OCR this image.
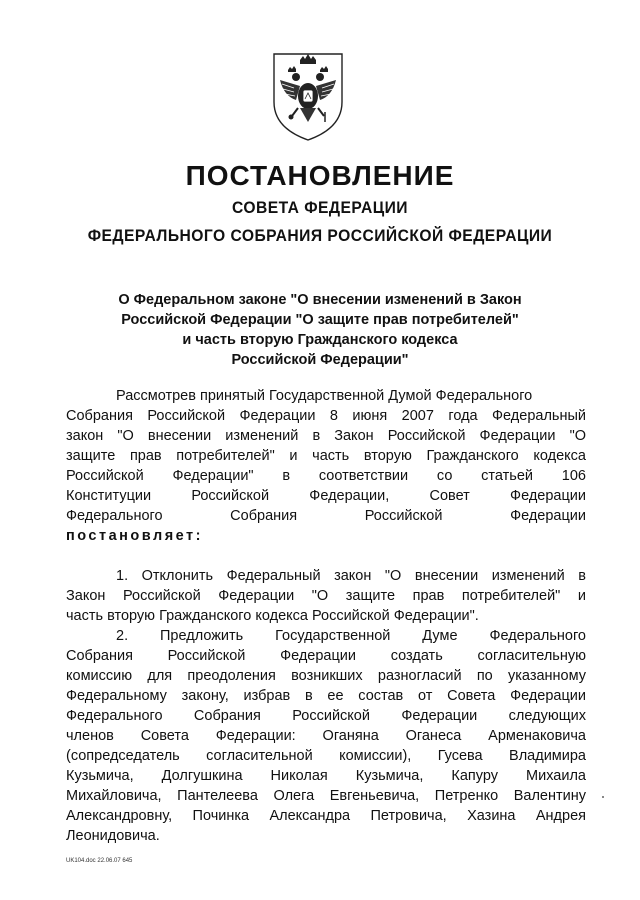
ПОСТАНОВЛЕНИЕ
СОВЕТА ФЕДЕРАЦИИ
ФЕДЕРАЛЬНОГО СОБРАНИЯ РОССИЙСКОЙ ФЕДЕРАЦИИ
О Федеральном законе "О внесении изменений в Закон
Российской Федерации "О защите прав потребителей"
и часть вторую Гражданского кодекса
Российской Федерации"
Рассмотрев принятый Государственной Думой Федерального
Собрания Российской Федерации 8 июня 2007 года Федеральный
закон "О внесении изменений в Закон Российской Федерации "О
защите прав потребителей" и часть вторую Гражданского кодекса
Российской Федерации" в соответствии со статьей 106
Конституции Российской Федерации, Совет Федерации
Федерального Собрания Российской Федерации
постановляет:
1. Отклонить Федеральный закон "О внесении изменений в
Закон Российской Федерации "О защите прав потребителей" и
часть вторую Гражданского кодекса Российской Федерации".
2. Предложить Государственной Думе Федерального
Собрания Российской Федерации создать согласительную
комиссию для преодоления возникших разногласий по указанному
Федеральному закону, избрав в ее состав от Совета Федерации
Федерального Собрания Российской Федерации следующих
членов Совета Федерации: Оганяна Оганеса Арменаковича
(сопредседатель согласительной комиссии), Гусева Владимира
Кузьмича, Долгушкина Николая Кузьмича, Капуру Михаила
Михайловича, Пантелеева Олега Евгеньевича, Петренко Валентину
Александровну, Починка Александра Петровича, Хазина Андрея
Леонидовича.
UK104.doc 22.06.07 645
